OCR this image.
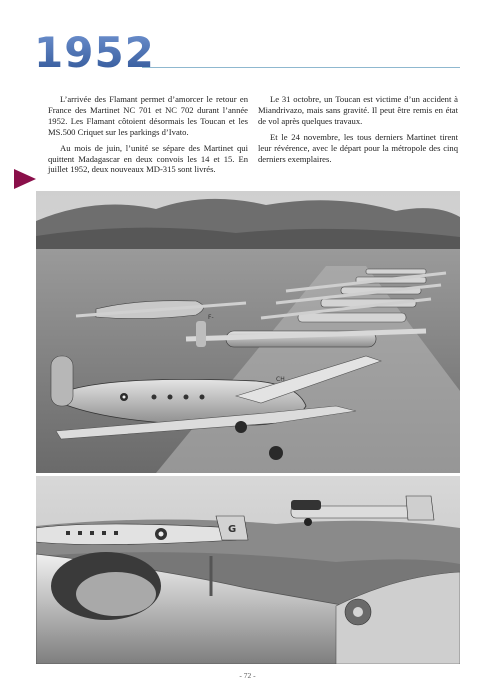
1952

L’arrivée des Flamant permet d’amorcer le retour en France des Martinet NC 701 et NC 702 durant l’année 1952. Les Flamant côtoient désormais les Toucan et les MS.500 Criquet sur les parkings d’Ivato.

Au mois de juin, l’unité se sépare des Martinet qui quittent Madagascar en deux convois les 14 et 15. En juillet 1952, deux nouveaux MD-315 sont livrés.

Le 31 octobre, un Toucan est victime d’un accident à Miandrivazo, mais sans gravité. Il peut être remis en état de vol après quelques travaux.

Et le 24 novembre, les tous derniers Martinet tirent leur révérence, avec le départ pour la métropole des cinq derniers exemplaires.

F-
CH
G
- 72 -
